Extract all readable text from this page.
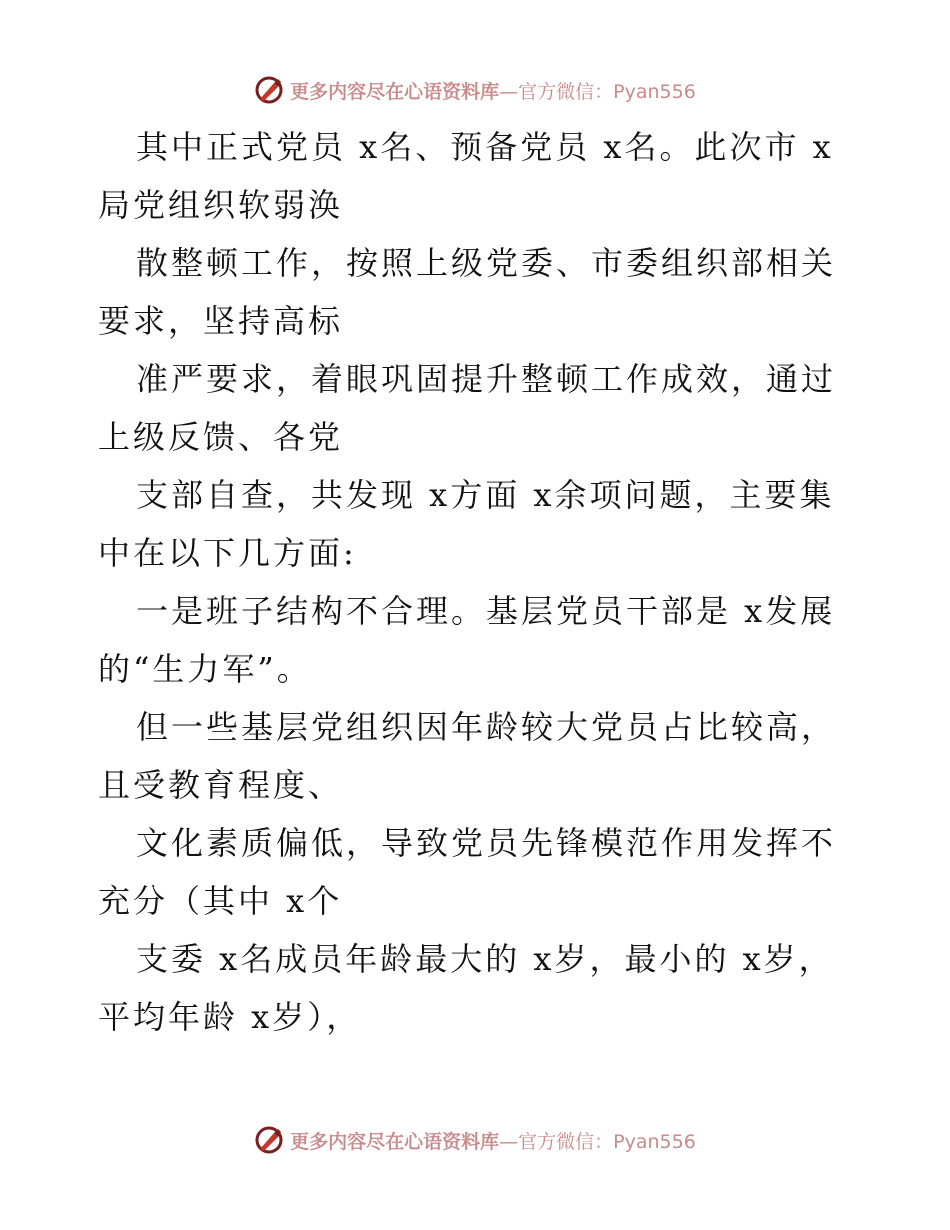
更多内容尽在心语资料库 —官方微信：Pyan556

其中正式党员 x名、预备党员 x名。此次市 x局党组织软弱涣

散整顿工作，按照上级党委、市委组织部相关要求，坚持高标

准严要求，着眼巩固提升整顿工作成效，通过上级反馈、各党

支部自查，共发现 x方面 x余项问题，主要集中在以下几方面:

一是班子结构不合理。基层党员干部是 x发展的“生力军”。

但一些基层党组织因年龄较大党员占比较高，且受教育程度、

文化素质偏低，导致党员先锋模范作用发挥不充分（其中 x个

支委 x名成员年龄最大的 x岁，最小的 x岁，平均年龄 x岁），

更多内容尽在心语资料库 —官方微信：Pyan556
